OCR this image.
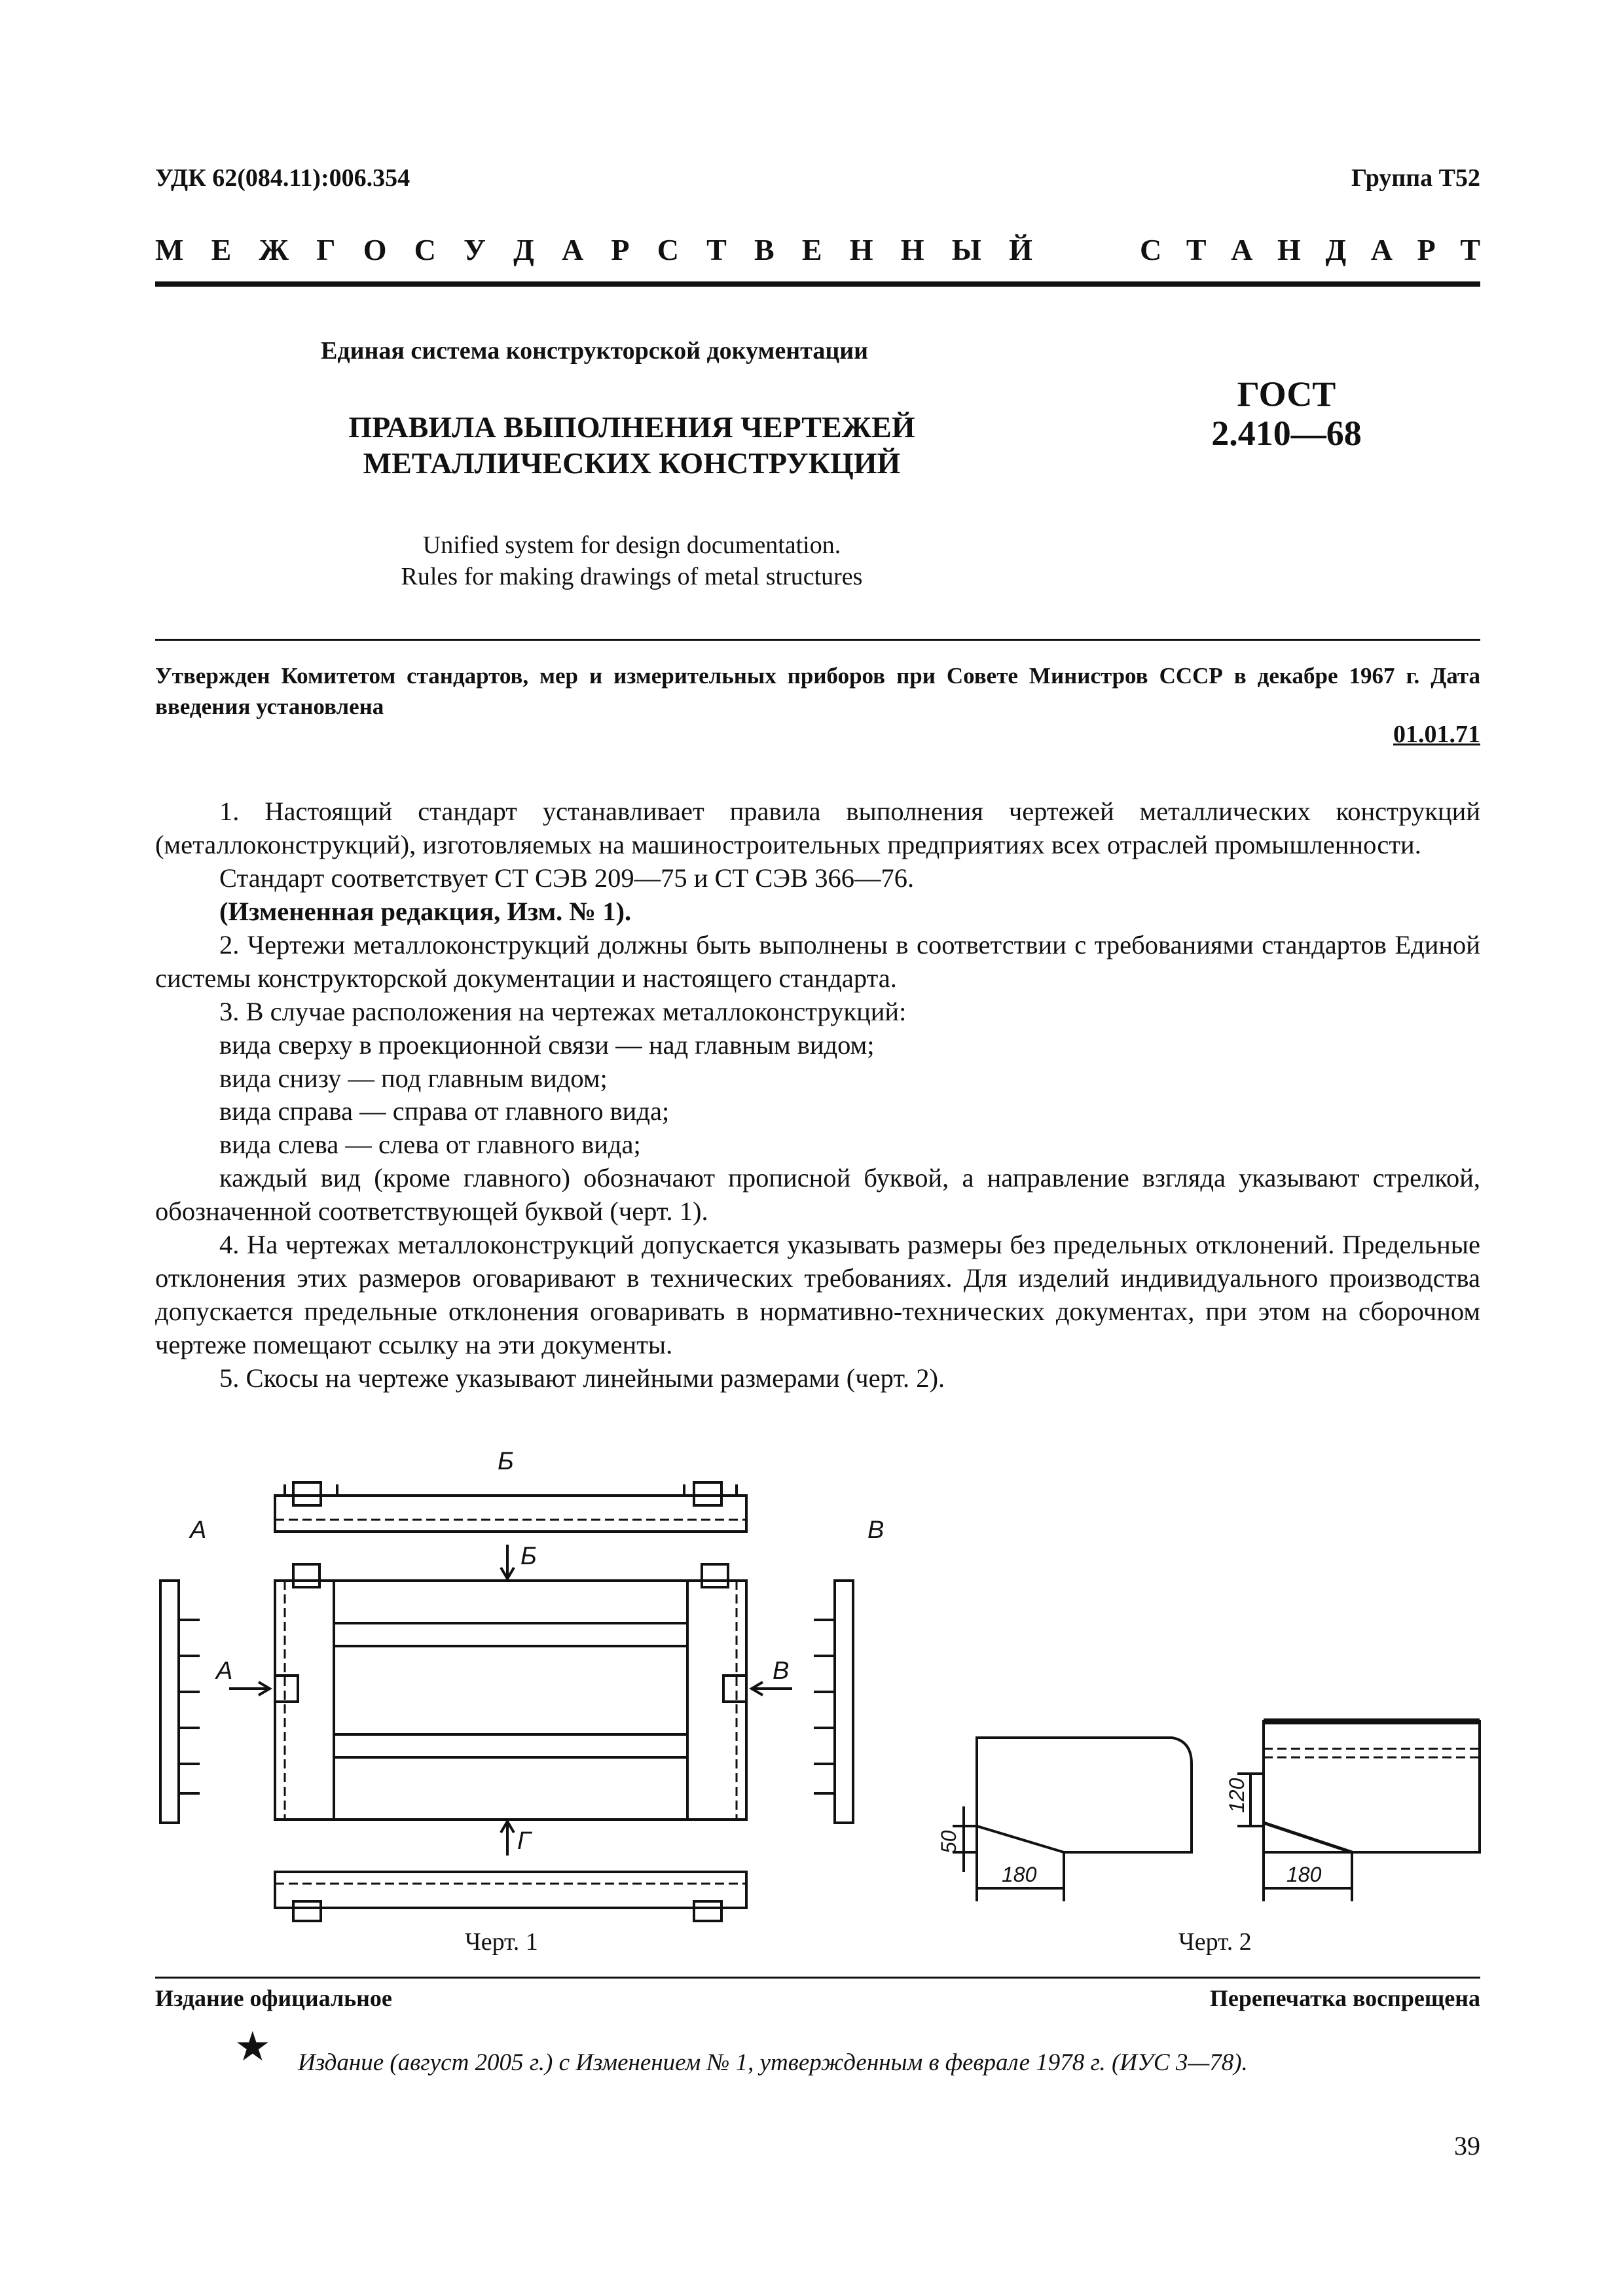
УДК 62(084.11):006.354	Группа Т52
М Е Ж Г О С У Д А Р С Т В Е Н Н Ы Й	С Т А Н Д А Р Т
Единая система конструкторской документации
ПРАВИЛА ВЫПОЛНЕНИЯ ЧЕРТЕЖЕЙ
МЕТАЛЛИЧЕСКИХ КОНСТРУКЦИЙ
ГОСТ
2.410—68
Unified system for design documentation.
Rules for making drawings of metal structures
Утвержден Комитетом стандартов, мер и измерительных приборов при Совете Министров СССР в декабре 1967 г. Дата введения установлена
01.01.71

1. Настоящий стандарт устанавливает правила выполнения чертежей металлических конструкций (металлоконструкций), изготовляемых на машиностроительных предприятиях всех отраслей промышленности.

Стандарт соответствует СТ СЭВ 209—75 и СТ СЭВ 366—76.

(Измененная редакция, Изм. № 1).

2. Чертежи металлоконструкций должны быть выполнены в соответствии с требованиями стандартов Единой системы конструкторской документации и настоящего стандарта.

3. В случае расположения на чертежах металлоконструкций:

вида сверху в проекционной связи — над главным видом;

вида снизу — под главным видом;

вида справа — справа от главного вида;

вида слева — слева от главного вида;

каждый вид (кроме главного) обозначают прописной буквой, а направление взгляда указывают стрелкой, обозначенной соответствующей буквой (черт. 1).

4. На чертежах металлоконструкций допускается указывать размеры без предельных отклонений. Предельные отклонения этих размеров оговаривают в технических требованиях. Для изделий индивидуального производства допускается предельные отклонения оговаривать в нормативно-технических документах, при этом на сборочном чертеже помещают ссылку на эти документы.

5. Скосы на чертеже указывают линейными размерами (черт. 2).

Б
А	В
Б
А	В
Г
Черт. 1
180	180
50
120
Черт. 2
Издание официальное	Перепечатка воспрещена
★ Издание (август 2005 г.) с Изменением № 1, утвержденным в феврале 1978 г. (ИУС 3—78).
39
